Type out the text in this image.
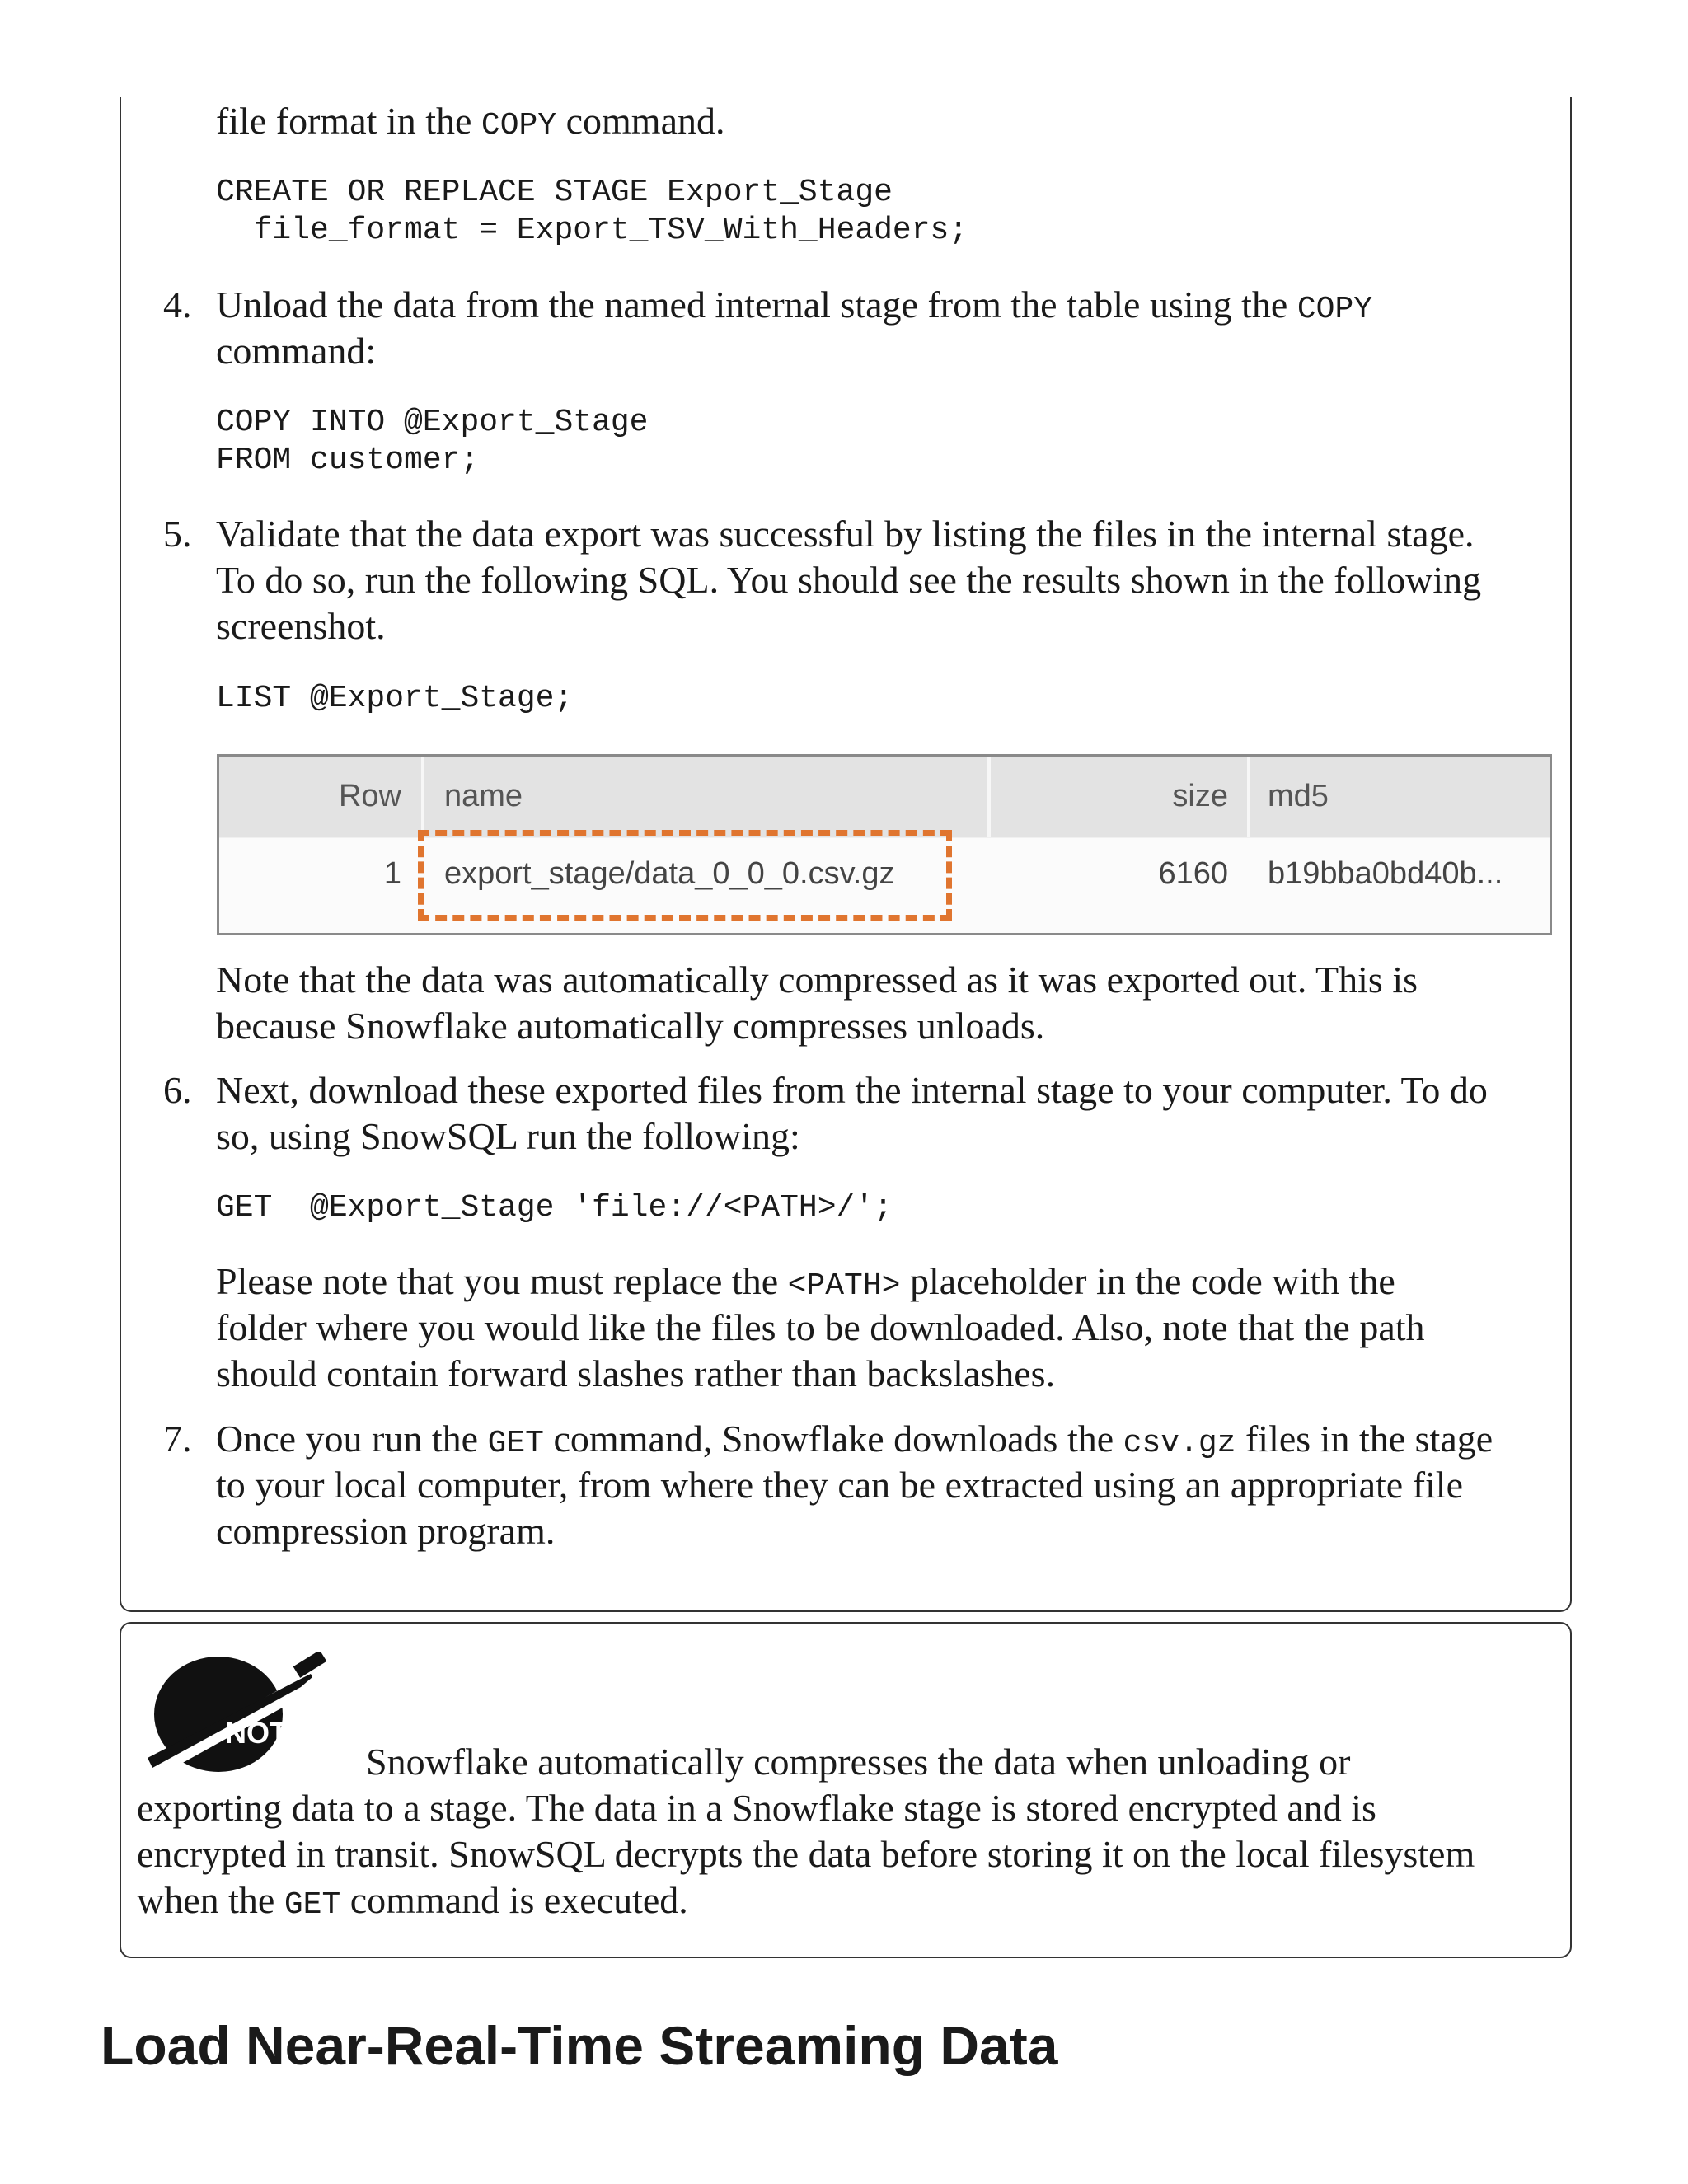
file format in the COPY command.
CREATE OR REPLACE STAGE Export_Stage
file_format = Export_TSV_With_Headers;
4. Unload the data from the named internal stage from the table using the COPY
command:
COPY INTO @Export_Stage
FROM customer;
5. Validate that the data export was successful by listing the files in the internal stage.
To do so, run the following SQL. You should see the results shown in the following
screenshot.
LIST @Export_Stage;
Row name	size md5
1 export_stage/data_0_0_0.csv.gz	6160 b19bba0bd40b...
Note that the data was automatically compressed as it was exported out. This is
because Snowflake automatically compresses unloads.
6. Next, download these exported files from the internal stage to your computer. To do
so, using SnowSQL run the following:
GET  @Export_Stage 'file://<PATH>/';
Please note that you must replace the <PATH> placeholder in the code with the
folder where you would like the files to be downloaded. Also, note that the path
should contain forward slashes rather than backslashes.
7. Once you run the GET command, Snowflake downloads the csv.gz files in the stage
to your local computer, from where they can be extracted using an appropriate file
compression program.
NOTE
Snowflake automatically compresses the data when unloading or
exporting data to a stage. The data in a Snowflake stage is stored encrypted and is
encrypted in transit. SnowSQL decrypts the data before storing it on the local filesystem
when the GET command is executed.
Load Near-Real-Time Streaming Data
